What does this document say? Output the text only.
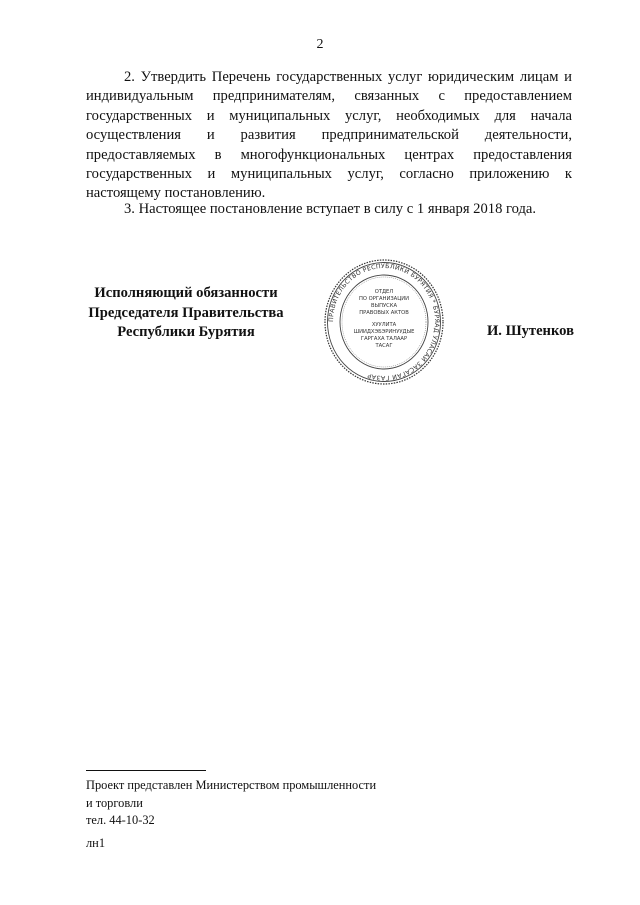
2

2. Утвердить Перечень государственных услуг юридическим лицам и индивидуальным предпринимателям, связанных с предоставлением государственных и муниципальных услуг, необходимых для начала осуществления и развития предпринимательской деятельности, предоставляемых в многофункциональных центрах предоставления государственных и муниципальных услуг, согласно приложению к настоящему постановлению.

3. Настоящее постановление вступает в силу с 1 января 2018 года.

Исполняющий обязанности
Председателя Правительства
Республики Бурятия
ПРАВИТЕЛЬСТВО РЕСПУБЛИКИ БУРЯТИЯ * БУРЯАД УЛАСАЙ ЗАСАГАЙ ГАЗАР
ОТДЕЛ
ПО ОРГАНИЗАЦИИ
ВЫПУСКА
ПРАВОВЫХ АКТОВ
ХУУЛИТА
ШИИДХЭБЭРИНУУДЫЕ
ГАРГАХА ТАЛААР
ТАСАГ
И. Шутенков
Проект представлен Министерством промышленности
и торговли
тел. 44-10-32
лн1
